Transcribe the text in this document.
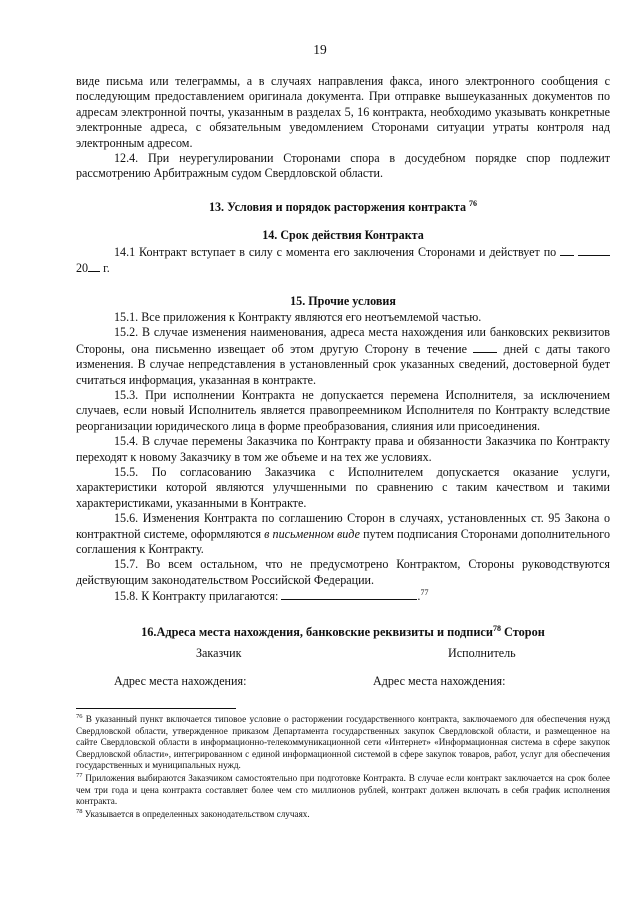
19

виде письма или телеграммы, а в случаях направления факса, иного электронного сообщения с последующим предоставлением оригинала документа. При отправке вышеуказанных документов по адресам электронной почты, указанным в разделах 5, 16 контракта, необходимо указывать конкретные электронные адреса, с обязательным уведомлением Сторонами ситуации утраты контроля над электронным адресом.

12.4. При неурегулировании Сторонами спора в досудебном порядке спор подлежит рассмотрению Арбитражным судом Свердловской области.

13. Условия и порядок расторжения контракта $^{76}$
14. Срок действия Контракта

14.1 Контракт вступает в силу с момента его заключения Сторонами и действует по   20 г.

15. Прочие условия

15.1. Все приложения к Контракту являются его неотъемлемой частью.

15.2. В случае изменения наименования, адреса места нахождения или банковских реквизитов Стороны, она письменно извещает об этом другую Сторону в течение	дней с даты такого изменения. В случае непредставления в установленный срок указанных сведений, достоверной будет считаться информация, указанная в контракте.

15.3. При исполнении Контракта не допускается перемена Исполнителя, за исключением случаев, если новый Исполнитель является правопреемником Исполнителя по Контракту вследствие реорганизации юридического лица в форме преобразования, слияния или присоединения.

15.4. В случае перемены Заказчика по Контракту права и обязанности Заказчика по Контракту переходят к новому Заказчику в том же объеме и на тех же условиях.

15.5. По согласованию Заказчика с Исполнителем допускается оказание услуги, характеристики которой являются улучшенными по сравнению с таким качеством и такими характеристиками, указанными в Контракте.

15.6. Изменения Контракта по соглашению Сторон в случаях, установленных ст. 95 Закона о контрактной системе, оформляются в письменном виде путем подписания Сторонами дополнительного соглашения к Контракту.

15.7. Во всем остальном, что не предусмотрено Контрактом, Стороны руководствуются действующим законодательством Российской Федерации.

15.8. К Контракту прилагаются:	.$^{77}$

16.Адреса места нахождения, банковские реквизиты и подписи$^{78}$ Сторон
Заказчик	Исполнитель
Адрес места нахождения:	Адрес места нахождения:

$^{76}$ В указанный пункт включается типовое условие о расторжении государственного контракта, заключаемого для обеспечения нужд Свердловской области, утвержденное приказом Департамента государственных закупок Свердловской области, и размещенное на сайте Свердловской области в информационно-телекоммуникационной сети «Интернет» «Информационная система в сфере закупок Свердловской области», интегрированном с единой информационной системой в сфере закупок товаров, работ, услуг для обеспечения государственных и муниципальных нужд.

$^{77}$ Приложения выбираются Заказчиком самостоятельно при подготовке Контракта. В случае если контракт заключается на срок более чем три года и цена контракта составляет более чем сто миллионов рублей, контракт должен включать в себя график исполнения контракта.

$^{78}$ Указывается в определенных законодательством случаях.
